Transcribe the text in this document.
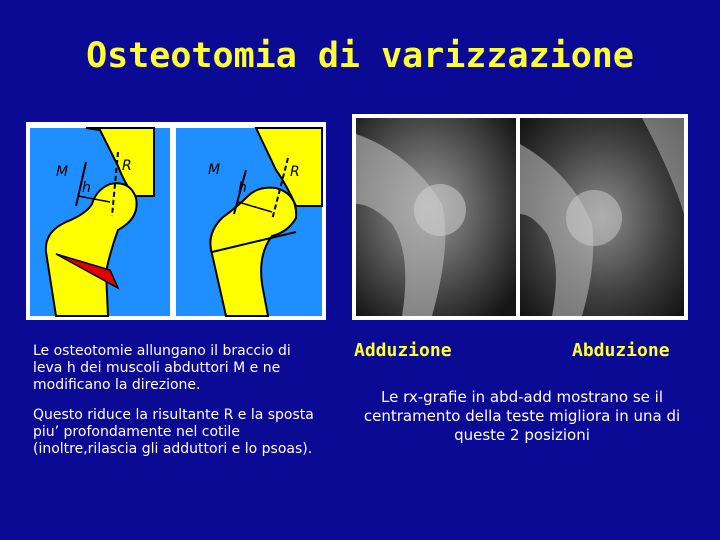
Osteotomia di varizzazione
M
h
R	M
h
R
Adduzione	Abduzione

Le osteotomie allungano il braccio di leva h dei muscoli abduttori M e ne modificano la direzione.

Questo riduce la risultante R e la sposta piu’ profondamente nel cotile (inoltre,rilascia gli adduttori e lo psoas).

Le rx-grafie in abd-add mostrano se il centramento della teste migliora in una di queste 2 posizioni
